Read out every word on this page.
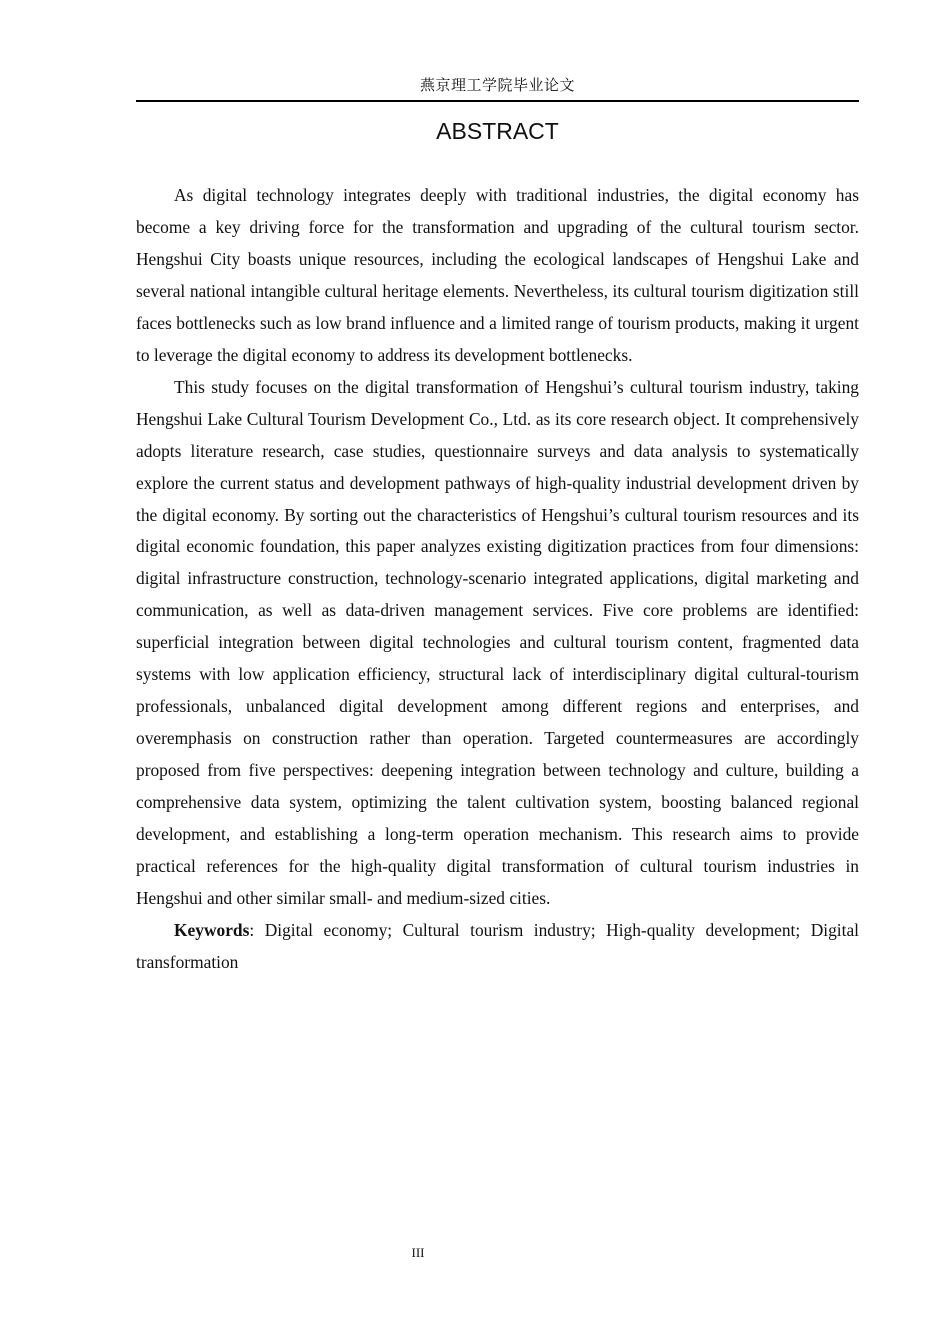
燕京理工学院毕业论文
ABSTRACT

As digital technology integrates deeply with traditional industries, the digital economy has become a key driving force for the transformation and upgrading of the cultural tourism sector. Hengshui City boasts unique resources, including the ecological landscapes of Hengshui Lake and several national intangible cultural heritage elements. Nevertheless, its cultural tourism digitization still faces bottlenecks such as low brand influence and a limited range of tourism products, making it urgent to leverage the digital economy to address its development bottlenecks.

This study focuses on the digital transformation of Hengshui’s cultural tourism industry, taking Hengshui Lake Cultural Tourism Development Co., Ltd. as its core research object. It comprehensively adopts literature research, case studies, questionnaire surveys and data analysis to systematically explore the current status and development pathways of high-quality industrial development driven by the digital economy. By sorting out the characteristics of Hengshui’s cultural tourism resources and its digital economic foundation, this paper analyzes existing digitization practices from four dimensions: digital infrastructure construction, technology-scenario integrated applications, digital marketing and communication, as well as data-driven management services. Five core problems are identified: superficial integration between digital technologies and cultural tourism content, fragmented data systems with low application efficiency, structural lack of interdisciplinary digital cultural-tourism professionals, unbalanced digital development among different regions and enterprises, and overemphasis on construction rather than operation. Targeted countermeasures are accordingly proposed from five perspectives: deepening integration between technology and culture, building a comprehensive data system, optimizing the talent cultivation system, boosting balanced regional development, and establishing a long-term operation mechanism. This research aims to provide practical references for the high-quality digital transformation of cultural tourism industries in Hengshui and other similar small- and medium-sized cities.

Keywords: Digital economy; Cultural tourism industry; High-quality development; Digital transformation

III
